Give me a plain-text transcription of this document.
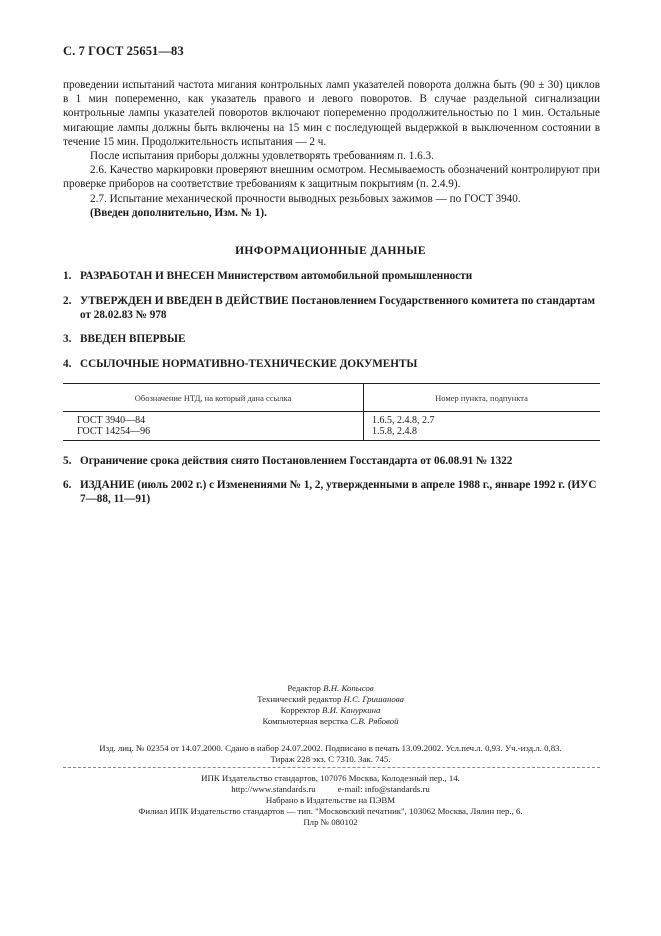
С. 7 ГОСТ 25651—83

проведении испытаний частота мигания контрольных ламп указателей поворота должна быть (90 ± 30) циклов в 1 мин попеременно, как указатель правого и левого поворотов. В случае раздельной сигнализации контрольные лампы указателей поворотов включают попеременно продолжительностью по 1 мин. Остальные мигающие лампы должны быть включены на 15 мин с последующей выдержкой в выключенном состоянии в течение 15 мин. Продолжительность испытания — 2 ч.

После испытания приборы должны удовлетворять требованиям п. 1.6.3.

2.6. Качество маркировки проверяют внешним осмотром. Несмываемость обозначений контролируют при проверке приборов на соответствие требованиям к защитным покрытиям (п. 2.4.9).

2.7. Испытание механической прочности выводных резьбовых зажимов — по ГОСТ 3940.

(Введен дополнительно, Изм. № 1).

ИНФОРМАЦИОННЫЕ ДАННЫЕ
1. РАЗРАБОТАН И ВНЕСЕН Министерством автомобильной промышленности
2. УТВЕРЖДЕН И ВВЕДЕН В ДЕЙСТВИЕ Постановлением Государственного комитета по стандартам от 28.02.83 № 978
3. ВВЕДЕН ВПЕРВЫЕ
4. ССЫЛОЧНЫЕ НОРМАТИВНО-ТЕХНИЧЕСКИЕ ДОКУМЕНТЫ
Обозначение НТД, на который дана ссылка	Номер пункта, подпункта
ГОСТ 3940—84
ГОСТ 14254—96
1.6.5, 2.4.8, 2.7
1.5.8, 2.4.8
5. Ограничение срока действия снято Постановлением Госстандарта от 06.08.91 № 1322
6. ИЗДАНИЕ (июль 2002 г.) с Изменениями № 1, 2, утвержденными в апреле 1988 г., январе 1992 г. (ИУС 7—88, 11—91)
Редактор В.Н. Копысов
Технический редактор Н.С. Гришанова
Корректор В.И. Кануркина
Компьютерная верстка С.В. Рябовой
Изд. лиц. № 02354 от 14.07.2000. Сдано в набор 24.07.2002. Подписано в печать 13.09.2002. Усл.печ.л. 0,93. Уч.-изд.л. 0,83.
Тираж 228 экз. С 7310. Зак. 745.
ИПК Издательство стандартов, 107076 Москва, Колодезный пер., 14.
http://www.standards.ru	e-mail: info@standards.ru
Набрано в Издательстве на ПЭВМ
Филиал ИПК Издательство стандартов — тип. "Московский печатник", 103062 Москва, Лялин пер., 6.
Плр № 080102
